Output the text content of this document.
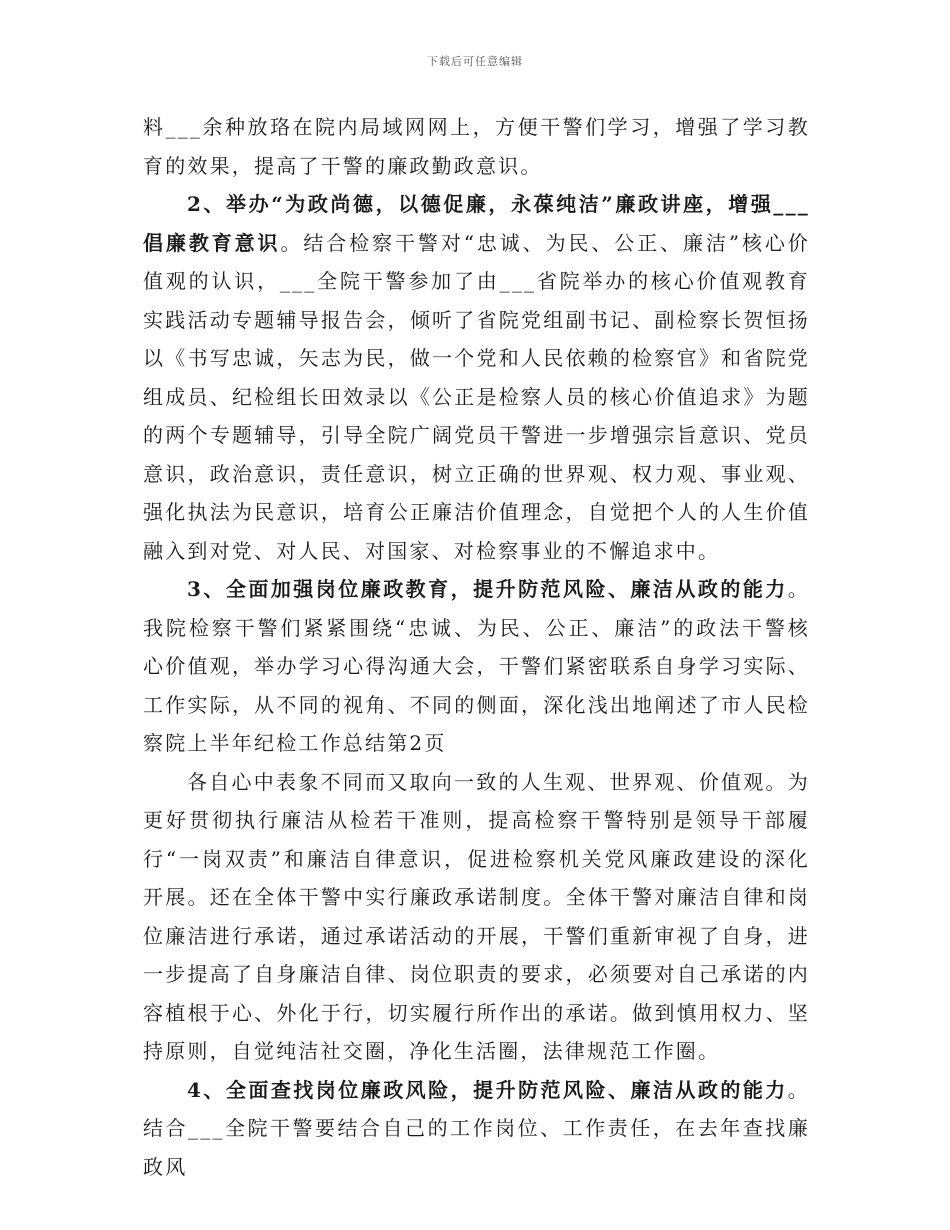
下载后可任意编辑

料___余种放珞在院内局域网网上，方便干警们学习，增强了学习教育的效果，提高了干警的廉政勤政意识。

2、举办“为政尚德，以德促廉，永葆纯洁”廉政讲座，增强___倡廉教育意识。结合检察干警对“忠诚、为民、公正、廉洁”核心价值观的认识，___全院干警参加了由___省院举办的核心价值观教育实践活动专题辅导报告会，倾听了省院党组副书记、副检察长贺恒扬以《书写忠诚，矢志为民，做一个党和人民依赖的检察官》和省院党组成员、纪检组长田效录以《公正是检察人员的核心价值追求》为题的两个专题辅导，引导全院广阔党员干警进一步增强宗旨意识、党员意识，政治意识，责任意识，树立正确的世界观、权力观、事业观、强化执法为民意识，培育公正廉洁价值理念，自觉把个人的人生价值融入到对党、对人民、对国家、对检察事业的不懈追求中。

3、全面加强岗位廉政教育，提升防范风险、廉洁从政的能力。我院检察干警们紧紧围绕“忠诚、为民、公正、廉洁”的政法干警核心价值观，举办学习心得沟通大会，干警们紧密联系自身学习实际、工作实际，从不同的视角、不同的侧面，深化浅出地阐述了市人民检察院上半年纪检工作总结第2页

各自心中表象不同而又取向一致的人生观、世界观、价值观。为更好贯彻执行廉洁从检若干准则，提高检察干警特别是领导干部履行“一岗双责”和廉洁自律意识，促进检察机关党风廉政建设的深化开展。还在全体干警中实行廉政承诺制度。全体干警对廉洁自律和岗位廉洁进行承诺，通过承诺活动的开展，干警们重新审视了自身，进一步提高了自身廉洁自律、岗位职责的要求，必须要对自己承诺的内容植根于心、外化于行，切实履行所作出的承诺。做到慎用权力、坚持原则，自觉纯洁社交圈，净化生活圈，法律规范工作圈。

4、全面查找岗位廉政风险，提升防范风险、廉洁从政的能力。结合___全院干警要结合自己的工作岗位、工作责任，在去年查找廉政风
